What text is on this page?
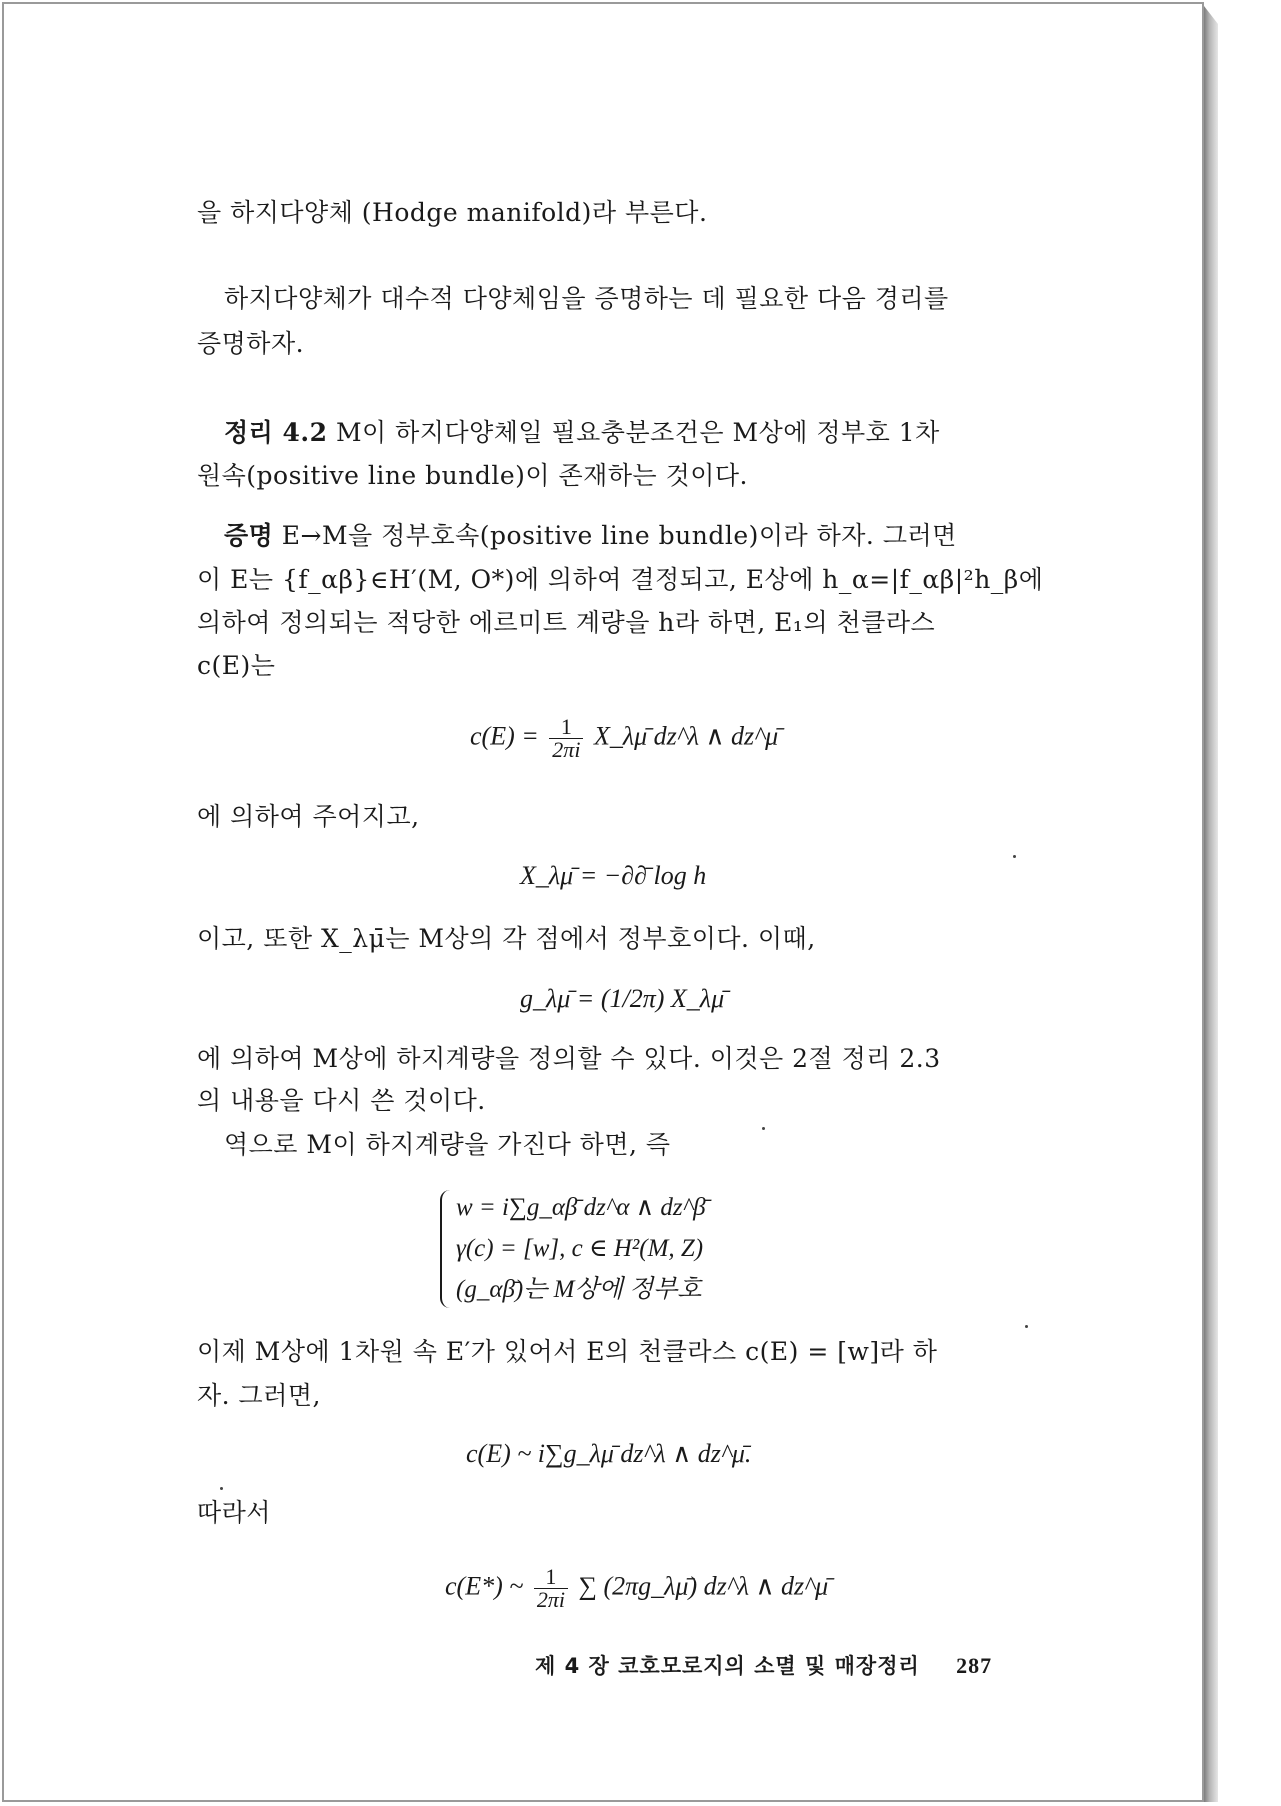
을 하지다양체 (Hodge manifold)라 부른다.
하지다양체가 대수적 다양체임을 증명하는 데 필요한 다음 경리를
증명하자.
정리 4.2 M이 하지다양체일 필요충분조건은 M상에 정부호 1차
원속(positive line bundle)이 존재하는 것이다.
증명 E→M을 정부호속(positive line bundle)이라 하자. 그러면
이 E는 {f_αβ}∈H′(M, O*)에 의하여 결정되고, E상에 h_α=|f_αβ|²h_β에
의하여 정의되는 적당한 에르미트 계량을 h라 하면, E₁의 천클라스
c(E)는
$c(E) = \frac{1}{2\pi i}$ X_λμ̄ dz^λ ∧ dz^μ̄
에 의하여 주어지고,
X_λμ̄ = −∂∂̄ log h
이고, 또한 X_λμ̄는 M상의 각 점에서 정부호이다. 이때,
g_λμ̄ = (1/2π) X_λμ̄
에 의하여 M상에 하지계량을 정의할 수 있다. 이것은 2절 정리 2.3
의 내용을 다시 쓴 것이다.
역으로 M이 하지계량을 가진다 하면, 즉
w = i∑g_αβ̄ dz^α ∧ dz^β̄
γ(c) = [w], c ∈ H²(M, Z)
(g_αβ̄)는 M상에 정부호
이제 M상에 1차원 속 E′가 있어서 E의 천클라스 c(E) = [w]라 하
자. 그러면,
c(E) ~ i∑g_λμ̄ dz^λ ∧ dz^μ̄.
따라서
c(E*) ~ $\frac{1}{2\pi i}$ ∑ (2πg_λμ̄) dz^λ ∧ dz^μ̄
제 4 장 코호모로지의 소멸 및 매장정리 287
